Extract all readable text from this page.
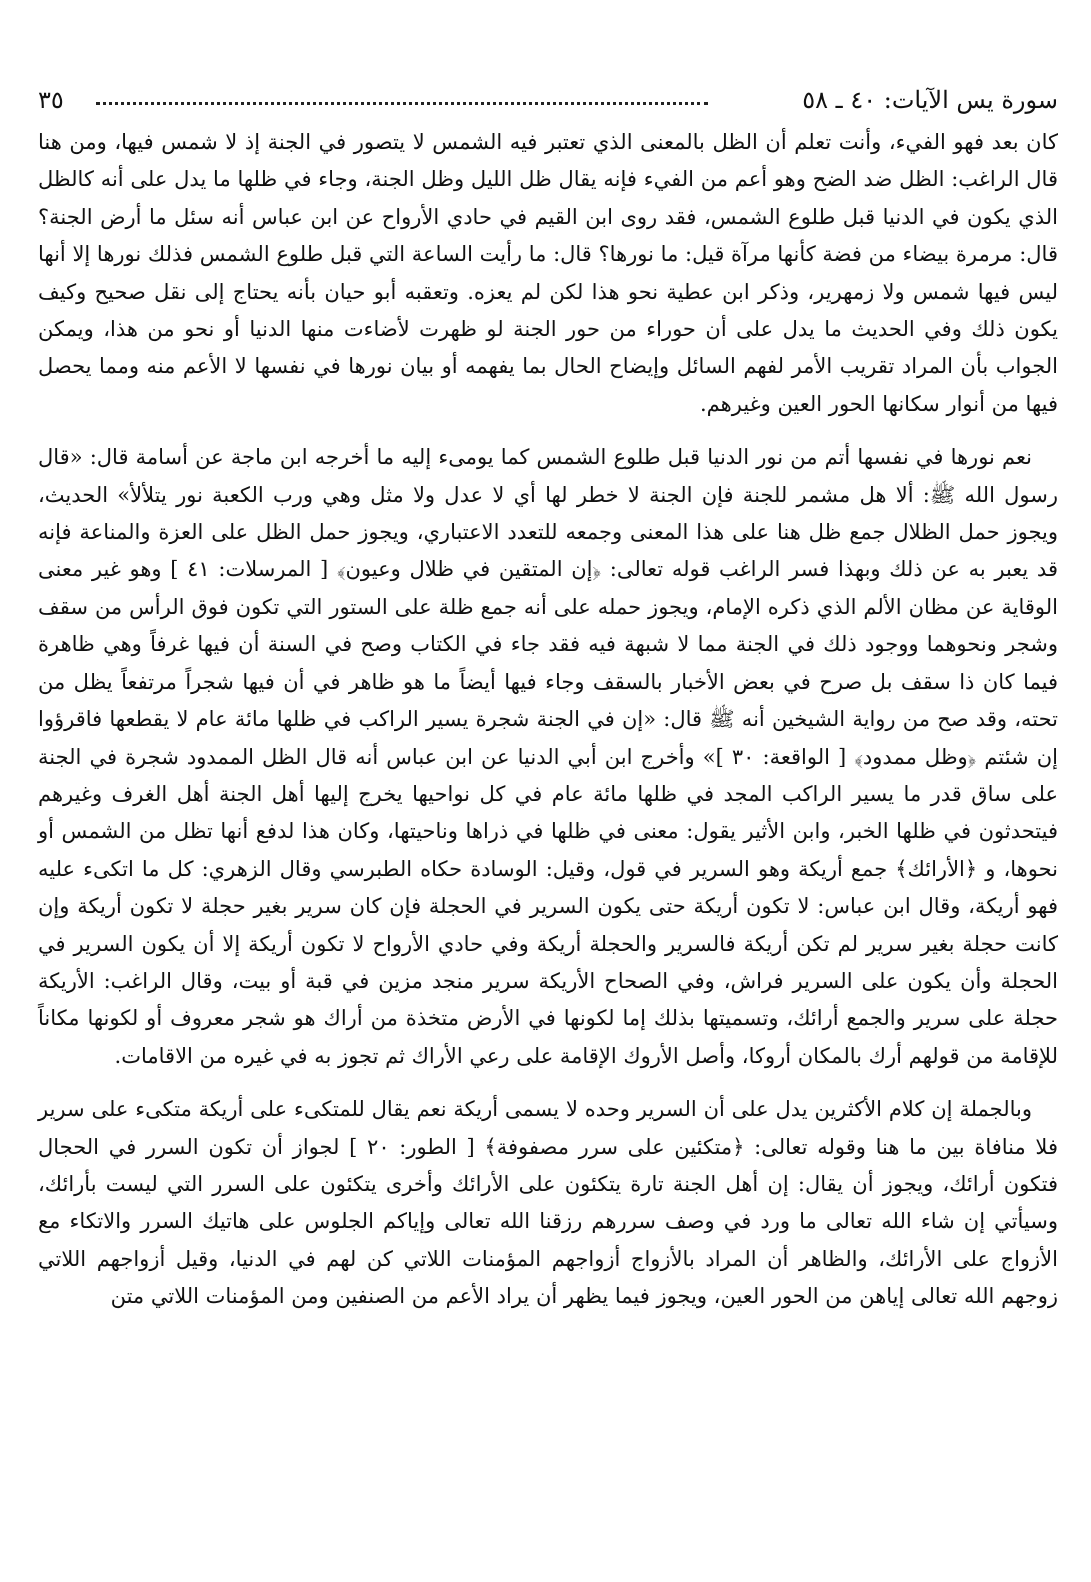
سورة يس الآيات: ٤٠ ـ ٥٨
٣٥

كان بعد فهو الفيء، وأنت تعلم أن الظل بالمعنى الذي تعتبر فيه الشمس لا يتصور في الجنة إذ لا شمس فيها، ومن هنا قال الراغب: الظل ضد الضح وهو أعم من الفيء فإنه يقال ظل الليل وظل الجنة، وجاء في ظلها ما يدل على أنه كالظل الذي يكون في الدنيا قبل طلوع الشمس، فقد روى ابن القيم في حادي الأرواح عن ابن عباس أنه سئل ما أرض الجنة؟ قال: مرمرة بيضاء من فضة كأنها مرآة قيل: ما نورها؟ قال: ما رأيت الساعة التي قبل طلوع الشمس فذلك نورها إلا أنها ليس فيها شمس ولا زمهرير، وذكر ابن عطية نحو هذا لكن لم يعزه. وتعقبه أبو حيان بأنه يحتاج إلى نقل صحيح وكيف يكون ذلك وفي الحديث ما يدل على أن حوراء من حور الجنة لو ظهرت لأضاءت منها الدنيا أو نحو من هذا، ويمكن الجواب بأن المراد تقريب الأمر لفهم السائل وإيضاح الحال بما يفهمه أو بيان نورها في نفسها لا الأعم منه ومما يحصل فيها من أنوار سكانها الحور العين وغيرهم.

نعم نورها في نفسها أتم من نور الدنيا قبل طلوع الشمس كما يومىء إليه ما أخرجه ابن ماجة عن أسامة قال: «قال رسول الله ﷺ: ألا هل مشمر للجنة فإن الجنة لا خطر لها أي لا عدل ولا مثل وهي ورب الكعبة نور يتلألأ» الحديث، ويجوز حمل الظلال جمع ظل هنا على هذا المعنى وجمعه للتعدد الاعتباري، ويجوز حمل الظل على العزة والمناعة فإنه قد يعبر به عن ذلك وبهذا فسر الراغب قوله تعالى: ﴿إن المتقين في ظلال وعيون﴾ [ المرسلات: ٤١ ] وهو غير معنى الوقاية عن مظان الألم الذي ذكره الإمام، ويجوز حمله على أنه جمع ظلة على الستور التي تكون فوق الرأس من سقف وشجر ونحوهما ووجود ذلك في الجنة مما لا شبهة فيه فقد جاء في الكتاب وصح في السنة أن فيها غرفاً وهي ظاهرة فيما كان ذا سقف بل صرح في بعض الأخبار بالسقف وجاء فيها أيضاً ما هو ظاهر في أن فيها شجراً مرتفعاً يظل من تحته، وقد صح من رواية الشيخين أنه ﷺ قال: «إن في الجنة شجرة يسير الراكب في ظلها مائة عام لا يقطعها فاقرؤوا إن شئتم ﴿وظل ممدود﴾ [ الواقعة: ٣٠ ]» وأخرج ابن أبي الدنيا عن ابن عباس أنه قال الظل الممدود شجرة في الجنة على ساق قدر ما يسير الراكب المجد في ظلها مائة عام في كل نواحيها يخرج إليها أهل الجنة أهل الغرف وغيرهم فيتحدثون في ظلها الخبر، وابن الأثير يقول: معنى في ظلها في ذراها وناحيتها، وكان هذا لدفع أنها تظل من الشمس أو نحوها، و ﴿الأرائك﴾ جمع أريكة وهو السرير في قول، وقيل: الوسادة حكاه الطبرسي وقال الزهري: كل ما اتكىء عليه فهو أريكة، وقال ابن عباس: لا تكون أريكة حتى يكون السرير في الحجلة فإن كان سرير بغير حجلة لا تكون أريكة وإن كانت حجلة بغير سرير لم تكن أريكة فالسرير والحجلة أريكة وفي حادي الأرواح لا تكون أريكة إلا أن يكون السرير في الحجلة وأن يكون على السرير فراش، وفي الصحاح الأريكة سرير منجد مزين في قبة أو بيت، وقال الراغب: الأريكة حجلة على سرير والجمع أرائك، وتسميتها بذلك إما لكونها في الأرض متخذة من أراك هو شجر معروف أو لكونها مكاناً للإقامة من قولهم أرك بالمكان أروكا، وأصل الأروك الإقامة على رعي الأراك ثم تجوز به في غيره من الاقامات.

وبالجملة إن كلام الأكثرين يدل على أن السرير وحده لا يسمى أريكة نعم يقال للمتكىء على أريكة متكىء على سرير فلا منافاة بين ما هنا وقوله تعالى: ﴿متكئين على سرر مصفوفة﴾ [ الطور: ٢٠ ] لجواز أن تكون السرر في الحجال فتكون أرائك، ويجوز أن يقال: إن أهل الجنة تارة يتكئون على الأرائك وأخرى يتكئون على السرر التي ليست بأرائك، وسيأتي إن شاء الله تعالى ما ورد في وصف سررهم رزقنا الله تعالى وإياكم الجلوس على هاتيك السرر والاتكاء مع الأزواج على الأرائك، والظاهر أن المراد بالأزواج أزواجهم المؤمنات اللاتي كن لهم في الدنيا، وقيل أزواجهم اللاتي زوجهم الله تعالى إياهن من الحور العين، ويجوز فيما يظهر أن يراد الأعم من الصنفين ومن المؤمنات اللاتي متن
